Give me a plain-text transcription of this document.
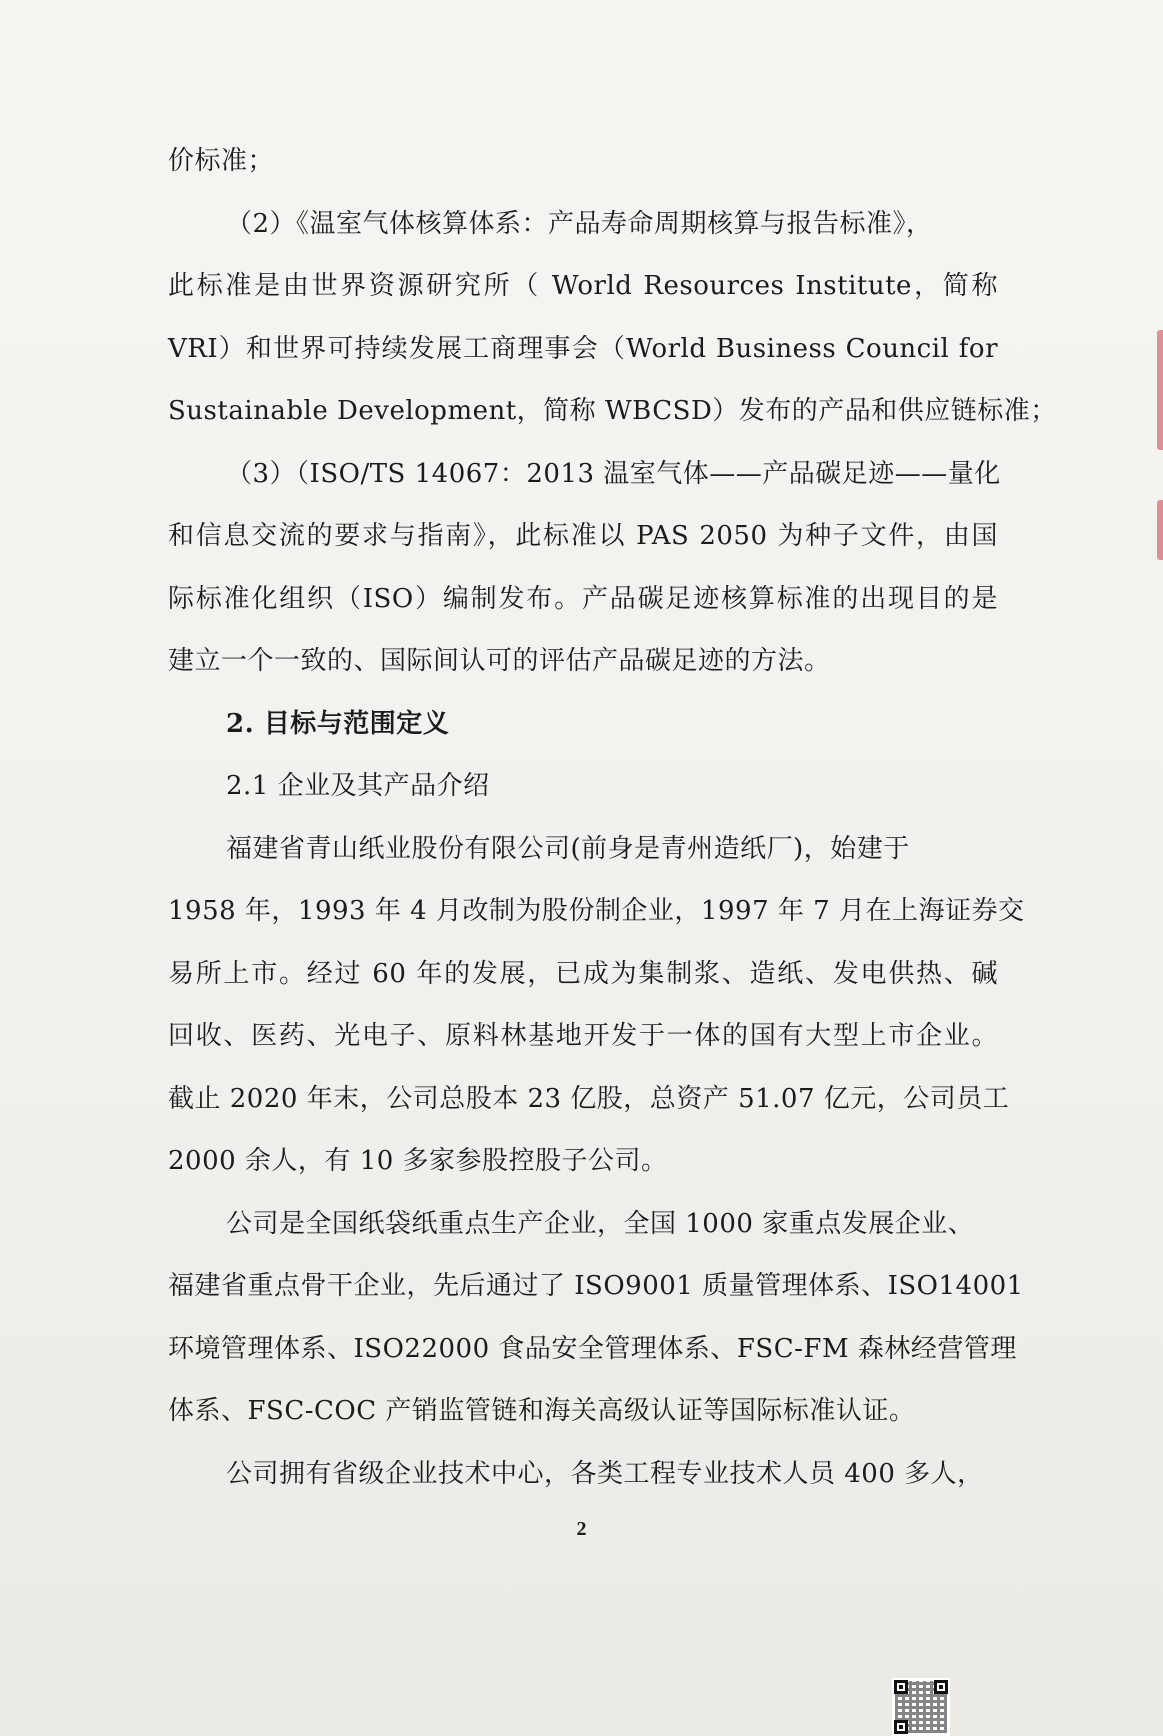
价标准；
（2）《温室气体核算体系：产品寿命周期核算与报告标准》，
此标准是由世界资源研究所（ World Resources Institute，简称
VRI）和世界可持续发展工商理事会（World Business Council for
Sustainable Development，简称 WBCSD）发布的产品和供应链标准；
（3）（ISO/TS 14067：2013 温室气体——产品碳足迹——量化
和信息交流的要求与指南》，此标准以 PAS 2050 为种子文件，由国
际标准化组织（ISO）编制发布。产品碳足迹核算标准的出现目的是
建立一个一致的、国际间认可的评估产品碳足迹的方法。
2. 目标与范围定义
2.1 企业及其产品介绍
福建省青山纸业股份有限公司(前身是青州造纸厂)，始建于
1958 年，1993 年 4 月改制为股份制企业，1997 年 7 月在上海证券交
易所上市。经过 60 年的发展，已成为集制浆、造纸、发电供热、碱
回收、医药、光电子、原料林基地开发于一体的国有大型上市企业。
截止 2020 年末，公司总股本 23 亿股，总资产 51.07 亿元，公司员工
2000 余人，有 10 多家参股控股子公司。
公司是全国纸袋纸重点生产企业，全国 1000 家重点发展企业、
福建省重点骨干企业，先后通过了 ISO9001 质量管理体系、ISO14001
环境管理体系、ISO22000 食品安全管理体系、FSC-FM 森林经营管理
体系、FSC-COC 产销监管链和海关高级认证等国际标准认证。
公司拥有省级企业技术中心，各类工程专业技术人员 400 多人，
2
